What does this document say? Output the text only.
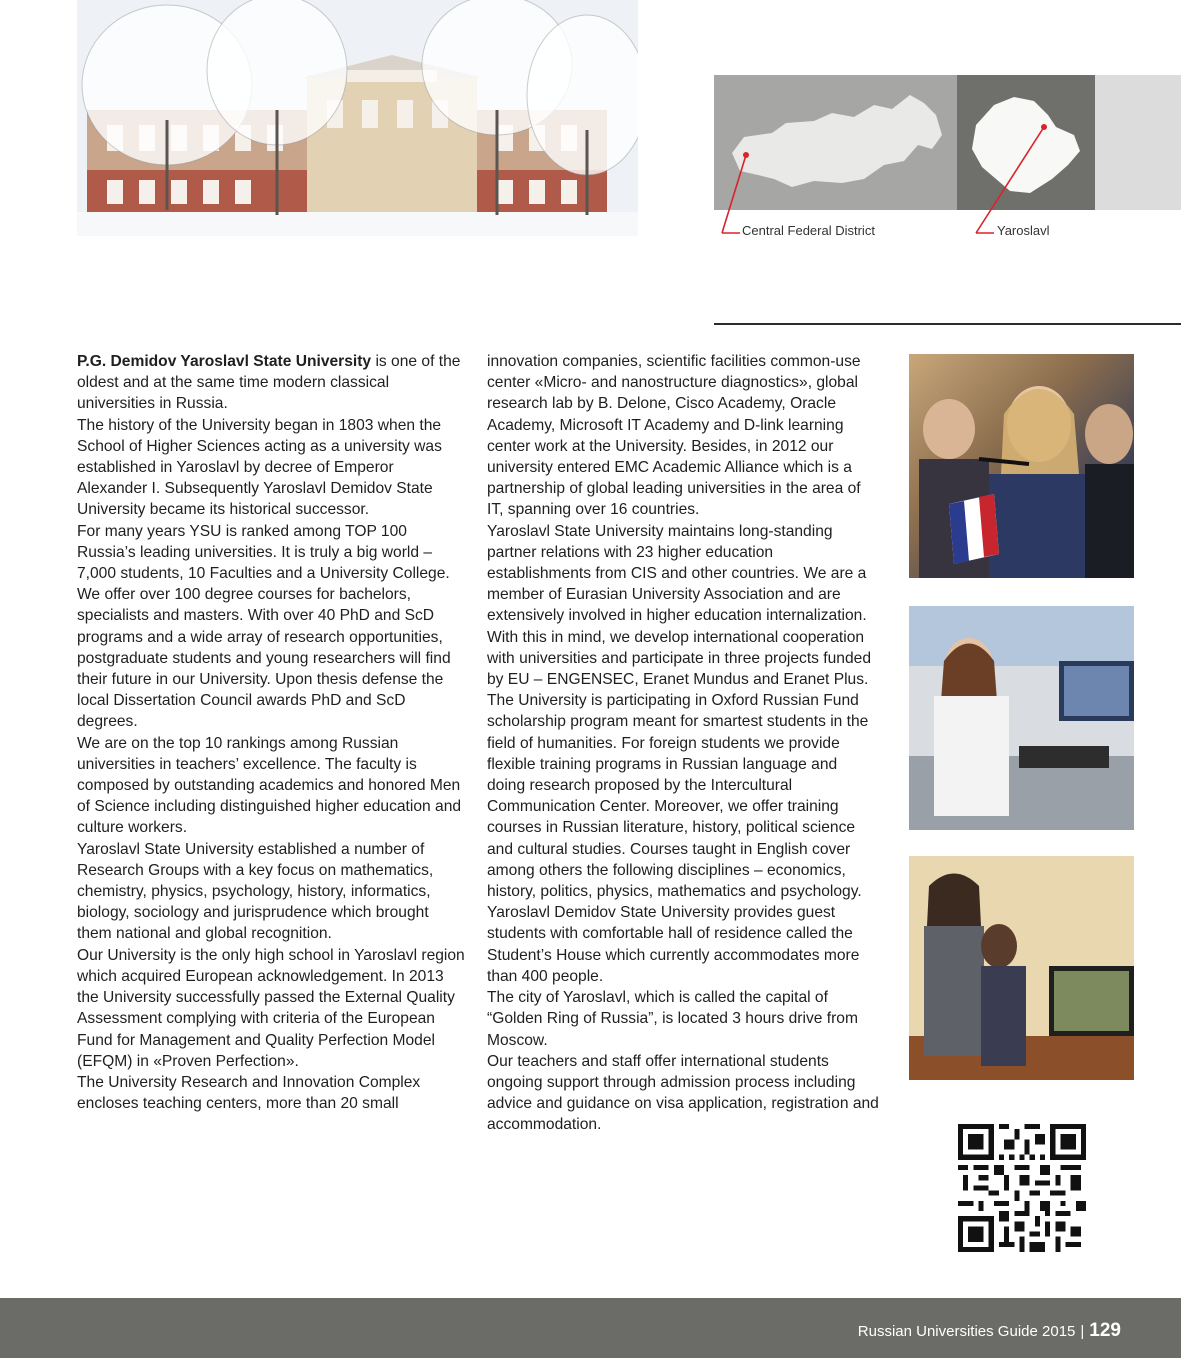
Central Federal District	Yaroslavl

P.G. Demidov Yaroslavl State University is one of the oldest and at the same time modern classical universities in Russia.

The history of the University began in 1803 when the School of Higher Sciences acting as a university was established in Yaroslavl by decree of Emperor Alexander I. Subsequently Yaroslavl Demidov State University became its historical successor.

For many years YSU is ranked among TOP 100 Russia’s leading universities. It is truly a big world – 7,000 students, 10 Faculties and a University College. We offer over 100 degree courses for bachelors, specialists and masters. With over 40 PhD and ScD programs and a wide array of research opportunities, postgraduate students and young researchers will find their future in our University. Upon thesis defense the local Dissertation Council awards PhD and ScD degrees.

We are on the top 10 rankings among Russian universities in teachers’ excellence. The faculty is composed by outstanding academics and honored Men of Science including distinguished higher education and culture workers.

Yaroslavl State University established a number of Research Groups with a key focus on mathematics, chemistry, physics, psychology, history, informatics, biology, sociology and jurisprudence which brought them national and global recognition.

Our University is the only high school in Yaroslavl region which acquired European acknowledgement. In 2013 the University successfully passed the External Quality Assessment complying with criteria of the European Fund for Management and Quality Perfection Model (EFQM) in «Proven Perfection».

The University Research and Innovation Complex encloses teaching centers, more than 20 small

innovation companies, scientific facilities common-use center «Micro- and nanostructure diagnostics», global research lab by B. Delone, Cisco Academy, Oracle Academy, Microsoft IT Academy and D-link learning center work at the University. Besides, in 2012 our university entered EMC Academic Alliance which is a partnership of global leading universities in the area of IT, spanning over 16 countries.

Yaroslavl State University maintains long-standing partner relations with 23 higher education establishments from CIS and other countries. We are a member of Eurasian University Association and are extensively involved in higher education internalization. With this in mind, we develop international cooperation with universities and participate in three projects funded by EU – ENGENSEC, Eranet Mundus and Eranet Plus. The University is participating in Oxford Russian Fund scholarship program meant for smartest students in the field of humanities. For foreign students we provide flexible training programs in Russian language and doing research proposed by the Intercultural Communication Center. Moreover, we offer training courses in Russian literature, history, political science and cultural studies. Courses taught in English cover among others the following disciplines – economics, history, politics, physics, mathematics and psychology.

Yaroslavl Demidov State University provides guest students with comfortable hall of residence called the Student’s House which currently accommodates more than 400 people.

The city of Yaroslavl, which is called the capital of “Golden Ring of Russia”, is located 3 hours drive from Moscow.

Our teachers and staff offer international students ongoing support through admission process including advice and guidance on visa application, registration and accommodation.

Russian Universities Guide 2015 | 129
